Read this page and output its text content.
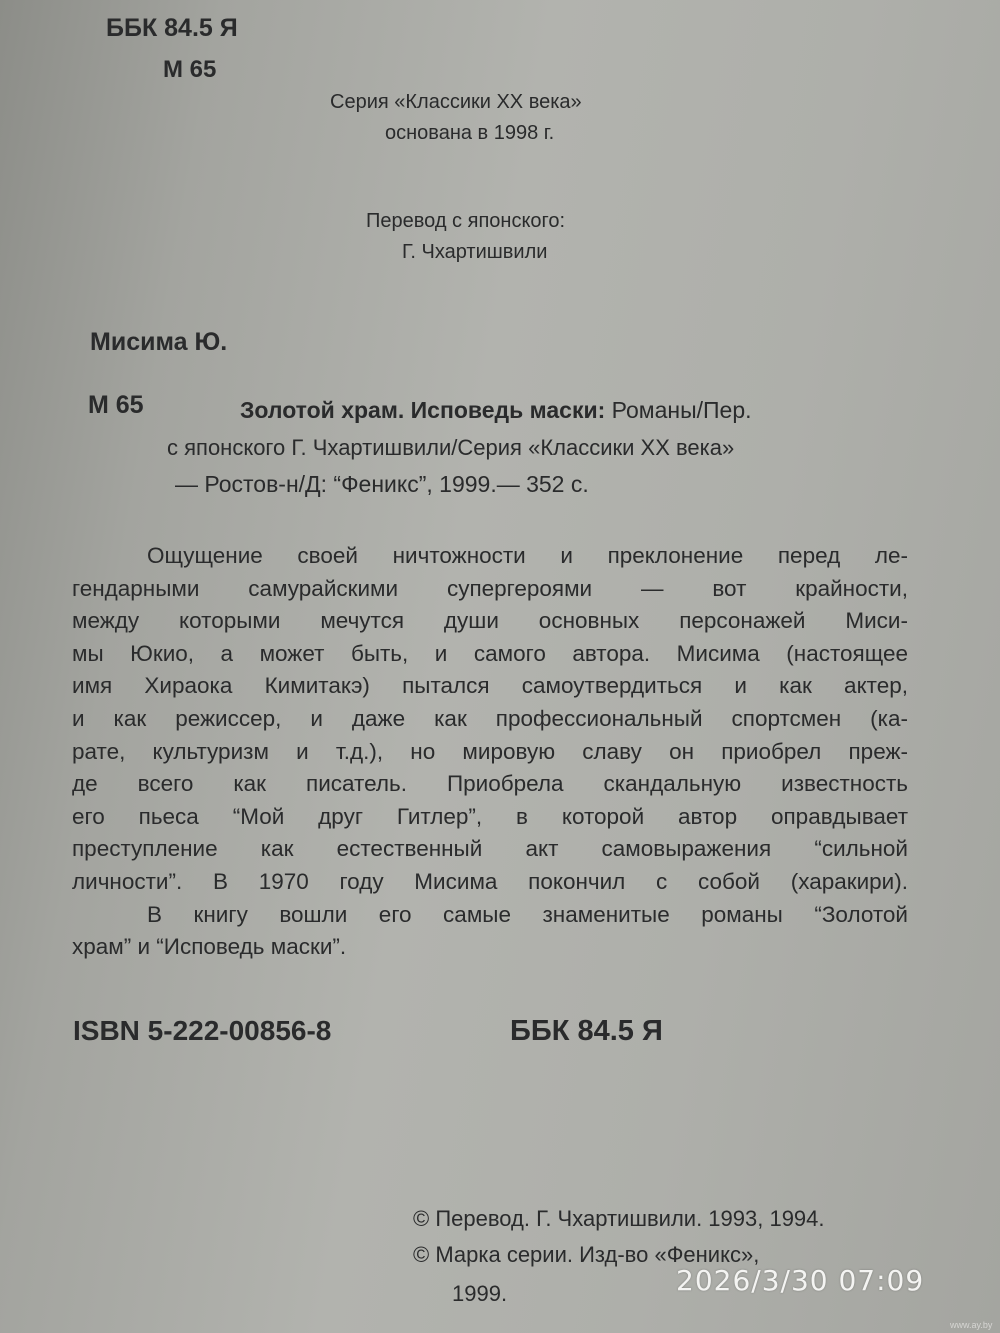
ББК 84.5 Я
М 65
Серия «Классики XX века»
основана в 1998 г.
Перевод с японского:
Г. Чхартишвили
Мисима Ю.
М 65	Золотой храм. Исповедь маски: Романы/Пер.
с японского Г. Чхартишвили/Серия «Классики XX века»
— Ростов-н/Д: “Феникс”, 1999.— 352 с.
Ощущение своей ничтожности и преклонение перед ле-
гендарными самурайскими супергероями — вот крайности,
между которыми мечутся души основных персонажей Миси-
мы Юкио, а может быть, и самого автора. Мисима (настоящее
имя Хираока Кимитакэ) пытался самоутвердиться и как актер,
и как режиссер, и даже как профессиональный спортсмен (ка-
рате, культуризм и т.д.), но мировую славу он приобрел преж-
де всего как писатель. Приобрела скандальную известность
его пьеса “Мой друг Гитлер”, в которой автор оправдывает
преступление как естественный акт самовыражения “сильной
личности”. В 1970 году Мисима покончил с собой (харакири).
В книгу вошли его самые знаменитые романы “Золотой
храм” и “Исповедь маски”.
ISBN 5-222-00856-8	ББК 84.5 Я
© Перевод. Г. Чхартишвили. 1993, 1994.
© Марка серии. Изд-во «Феникс»,
1999.	2026/3/30 07:09
www.ay.by
